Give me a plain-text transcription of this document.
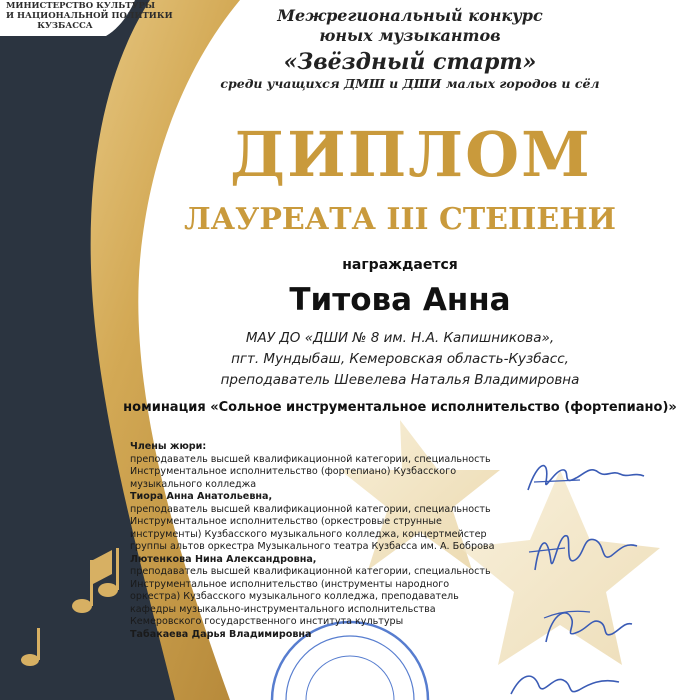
МИНИСТЕРСТВО КУЛЬТУРЫ
И НАЦИОНАЛЬНОЙ ПОЛИТИКИ
КУЗБАССА
Межрегиональный конкурс
юных музыкантов
«Звёздный старт»
среди учащихся ДМШ и ДШИ малых городов и сёл
ДИПЛОМ
ЛАУРЕАТА III СТЕПЕНИ
награждается
Титова Анна
МАУ ДО «ДШИ № 8 им. Н.А. Капишникова»,
пгт. Мундыбаш, Кемеровская область-Кузбасс,
преподаватель Шевелева Наталья Владимировна
номинация «Сольное инструментальное исполнительство (фортепиано)»
Члены жюри:
преподаватель высшей квалификационной категории, специальность
Инструментальное исполнительство (фортепиано) Кузбасского
музыкального колледжа
Тиора Анна Анатольевна,
преподаватель высшей квалификационной категории, специальность
Инструментальное исполнительство (оркестровые струнные
инструменты) Кузбасского музыкального колледжа, концертмейстер
группы альтов оркестра Музыкального театра Кузбасса им. А. Боброва
Лютенкова Нина Александровна,
преподаватель высшей квалификационной категории, специальность
Инструментальное исполнительство (инструменты народного
оркестра) Кузбасского музыкального колледжа, преподаватель
кафедры музыкально-инструментального исполнительства
Кемеровского государственного института культуры
Табакаева Дарья Владимировна
